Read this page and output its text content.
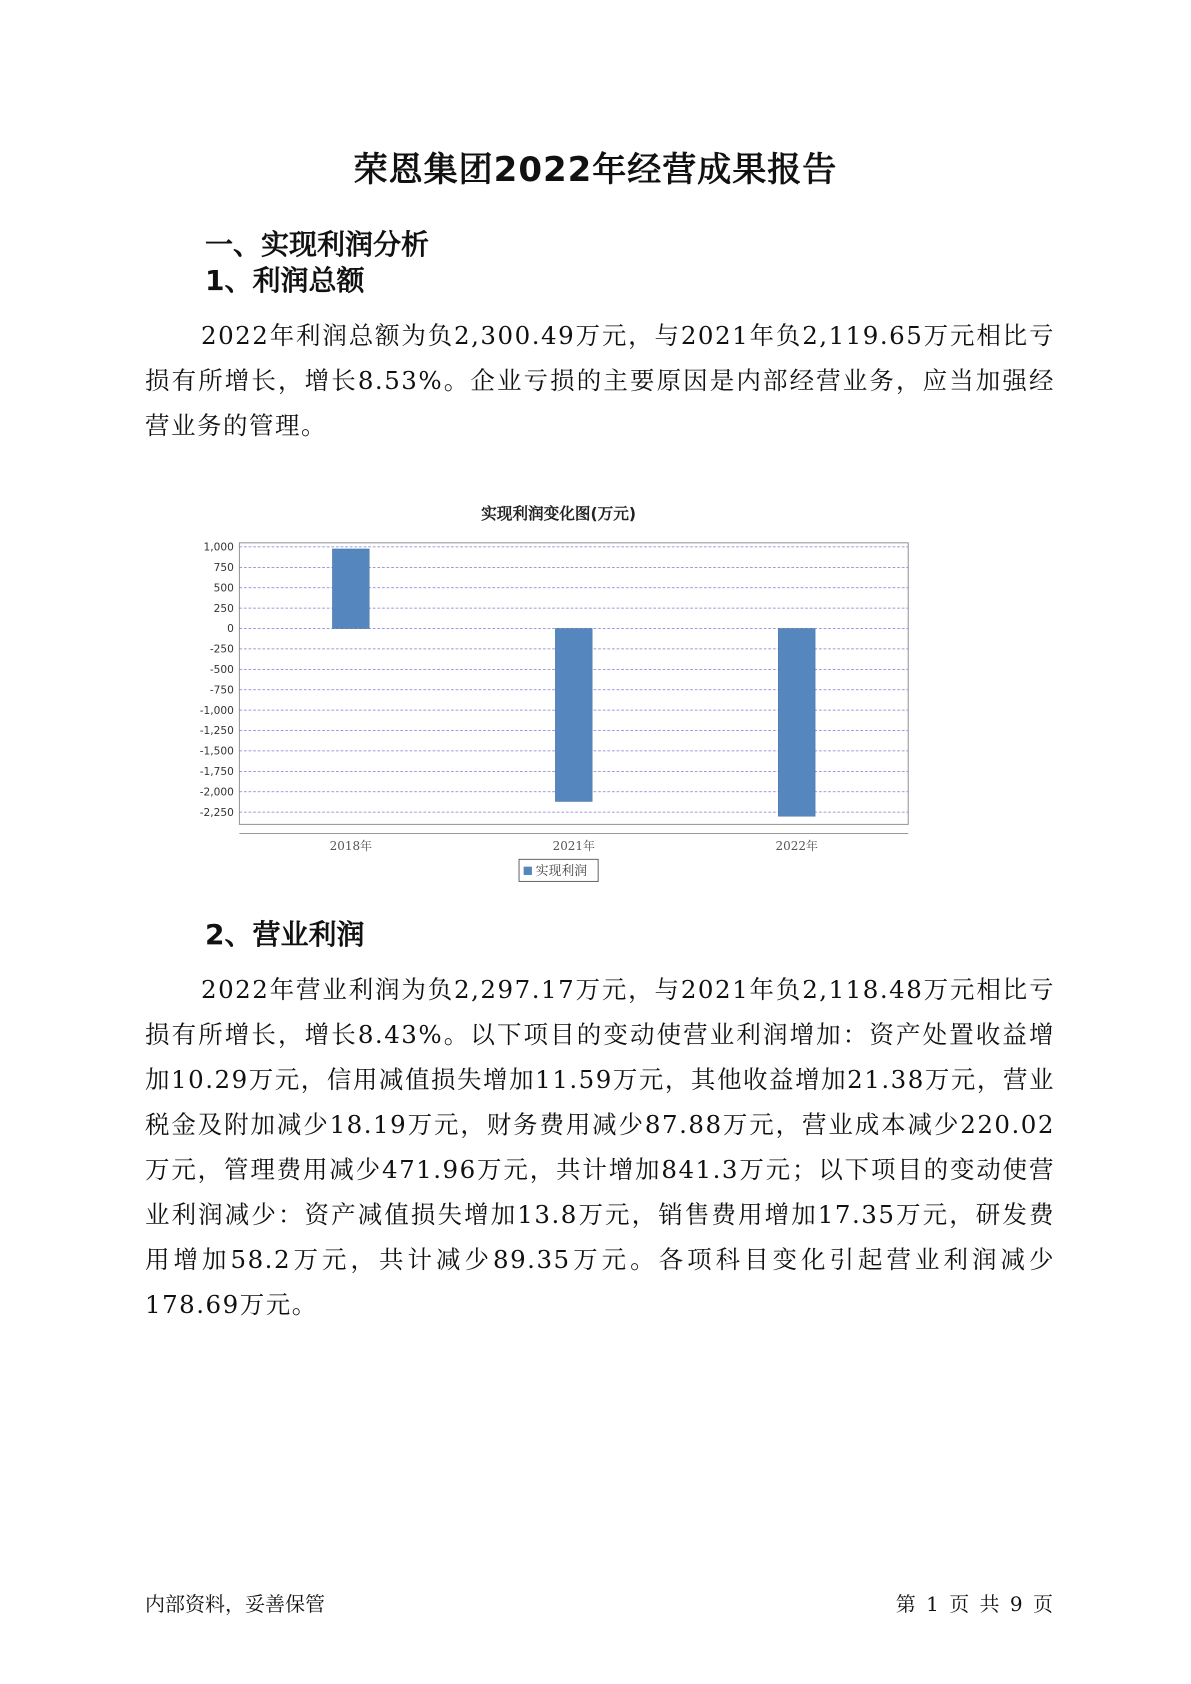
荣恩集团2022年经营成果报告
一、实现利润分析
1、利润总额

2022年利润总额为负2,300.49万元，与2021年负2,119.65万元相比亏损有所增长，增长8.53%。企业亏损的主要原因是内部经营业务，应当加强经营业务的管理。

实现利润变化图(万元)
1,000
750
500
250
0
-250
-500
-750
-1,000
-1,250
-1,500
-1,750
-2,000
-2,250
2018年	2021年	2022年
实现利润
2、营业利润

2022年营业利润为负2,297.17万元，与2021年负2,118.48万元相比亏损有所增长，增长8.43%。以下项目的变动使营业利润增加：资产处置收益增加10.29万元，信用减值损失增加11.59万元，其他收益增加21.38万元，营业税金及附加减少18.19万元，财务费用减少87.88万元，营业成本减少220.02万元，管理费用减少471.96万元，共计增加841.3万元；以下项目的变动使营业利润减少：资产减值损失增加13.8万元，销售费用增加17.35万元，研发费用增加58.2万元，共计减少89.35万元。各项科目变化引起营业利润减少178.69万元。

内部资料，妥善保管	第 1 页 共 9 页
